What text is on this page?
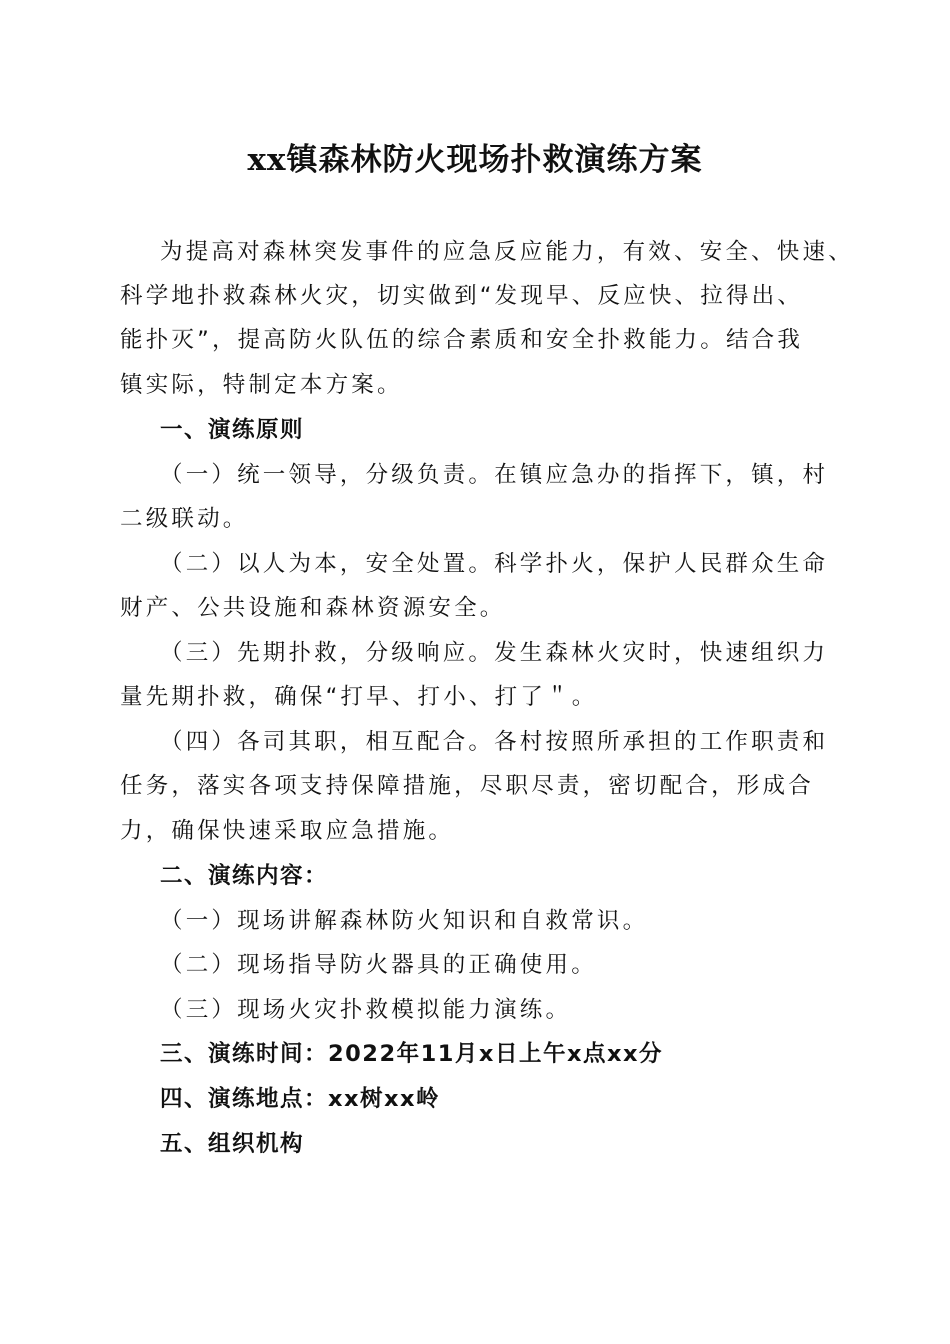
xx镇森林防火现场扑救演练方案
为提高对森林突发事件的应急反应能力，有效、安全、快速、
科学地扑救森林火灾，切实做到“发现早、反应快、拉得出、
能扑灭”，提高防火队伍的综合素质和安全扑救能力。结合我
镇实际，特制定本方案。
一、演练原则
（一）统一领导，分级负责。在镇应急办的指挥下，镇，村
二级联动。
（二）以人为本，安全处置。科学扑火，保护人民群众生命
财产、公共设施和森林资源安全。
（三）先期扑救，分级响应。发生森林火灾时，快速组织力
量先期扑救，确保“打早、打小、打了＂。
（四）各司其职，相互配合。各村按照所承担的工作职责和
任务，落实各项支持保障措施，尽职尽责，密切配合，形成合
力，确保快速采取应急措施。
二、演练内容：
（一）现场讲解森林防火知识和自救常识。
（二）现场指导防火器具的正确使用。
（三）现场火灾扑救模拟能力演练。
三、演练时间：2022年11月x日上午x点xx分
四、演练地点：xx树xx岭
五、组织机构
